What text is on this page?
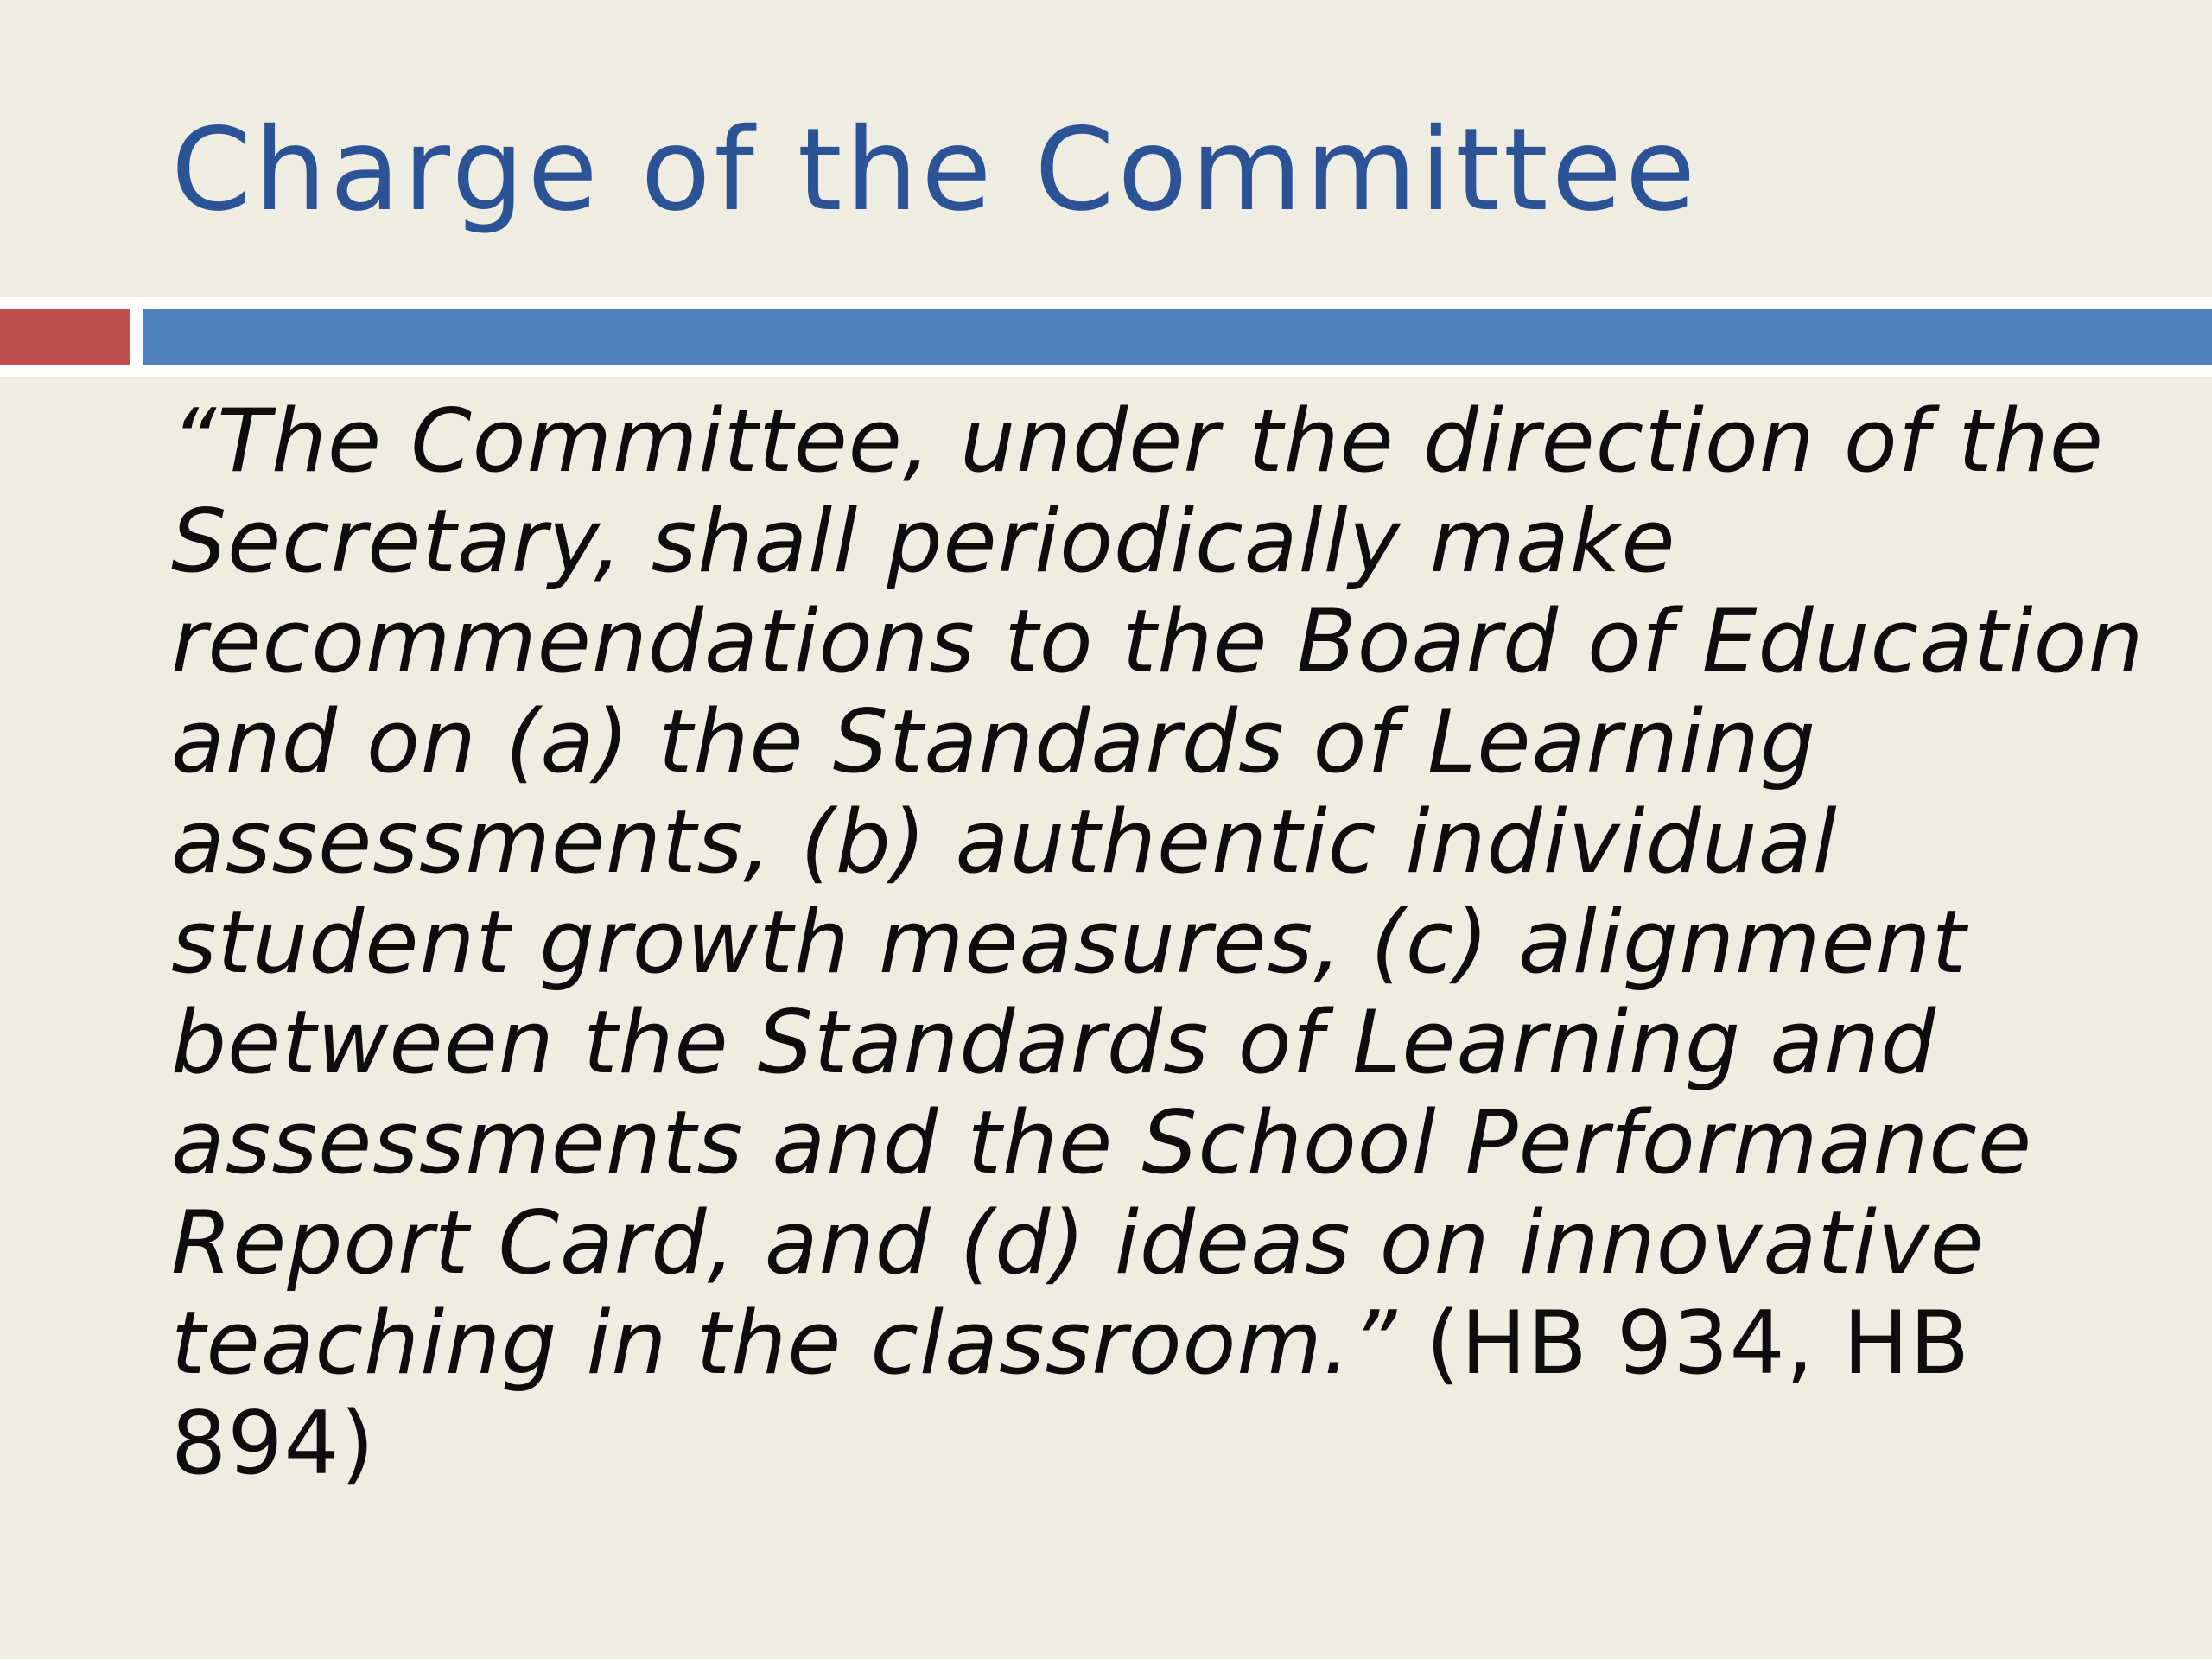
Charge of the Committee

“The Committee, under the direction of the Secretary, shall periodically make recommendations to the Board of Education and on (a) the Standards of Learning assessments, (b) authentic individual student growth measures, (c) alignment between the Standards of Learning and assessments and the School Performance Report Card, and (d) ideas on innovative teaching in the classroom.” (HB 934, HB 894)
